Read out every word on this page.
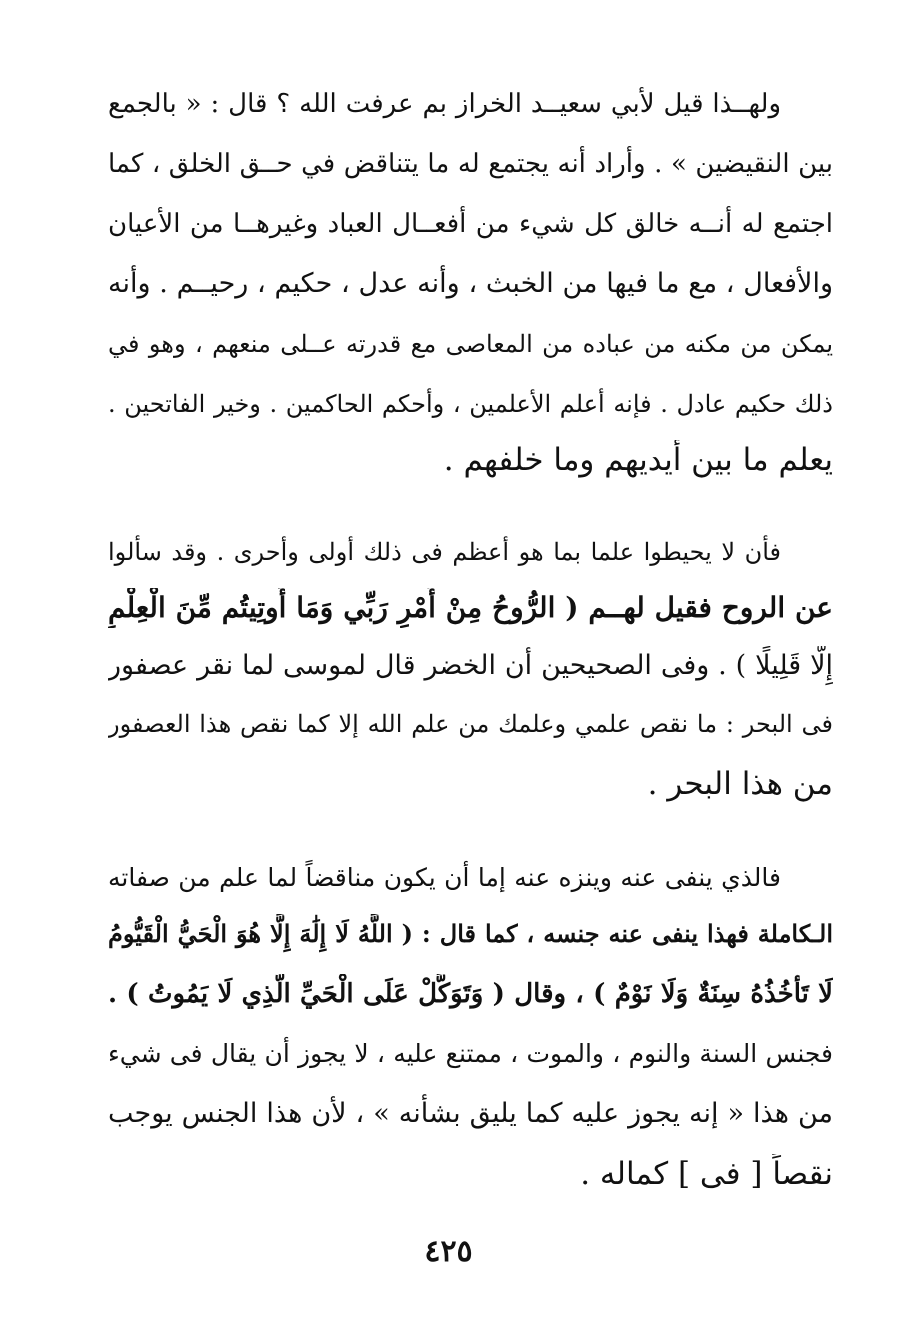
ولهــذا قيل لأبي سعيــد الخراز بم عرفت الله ؟ قال : « بالجمع
بين النقيضين » . وأراد أنه يجتمع له ما يتناقض في حــق الخلق ، كما
اجتمع له أنــه خالق كل شيء من أفعــال العباد وغيرهــا من الأعيان
والأفعال ، مع ما فيها من الخبث ، وأنه عدل ، حكيم ، رحيــم . وأنه
يمكن من مكنه من عباده من المعاصى مع قدرته عــلى منعهم ، وهو في
ذلك حكيم عادل . فإنه أعلم الأعلمين ، وأحكم الحاكمين . وخير الفاتحين .
يعلم ما بين أيديهم وما خلفهم .
فأن لا يحيطوا علما بما هو أعظم فى ذلك أولى وأحرى . وقد سألوا
عن الروح فقيل لهــم ( الرُّوحُ مِنْ أَمْرِ رَبِّي وَمَا أُوتِيتُم مِّنَ الْعِلْمِ
إِلَّا قَلِيلًا ) . وفى الصحيحين أن الخضر قال لموسى لما نقر عصفور
فى البحر : ما نقص علمي وعلمك من علم الله إلا كما نقص هذا العصفور
من هذا البحر .
فالذي ينفى عنه وينزه عنه إما أن يكون مناقضاً لما علم من صفاته
الـكاملة فهذا ينفى عنه جنسه ، كما قال : ( اللَّهُ لَا إِلَٰهَ إِلَّا هُوَ الْحَيُّ الْقَيُّومُ
لَا تَأْخُذُهُ سِنَةٌ وَلَا نَوْمٌ ) ، وقال ( وَتَوَكَّلْ عَلَى الْحَيِّ الَّذِي لَا يَمُوتُ ) .
فجنس السنة والنوم ، والموت ، ممتنع عليه ، لا يجوز أن يقال فى شيء
من هذا « إنه يجوز عليه كما يليق بشأنه » ، لأن هذا الجنس يوجب
نقصاً [ فى ] كماله .
٤٢٥
